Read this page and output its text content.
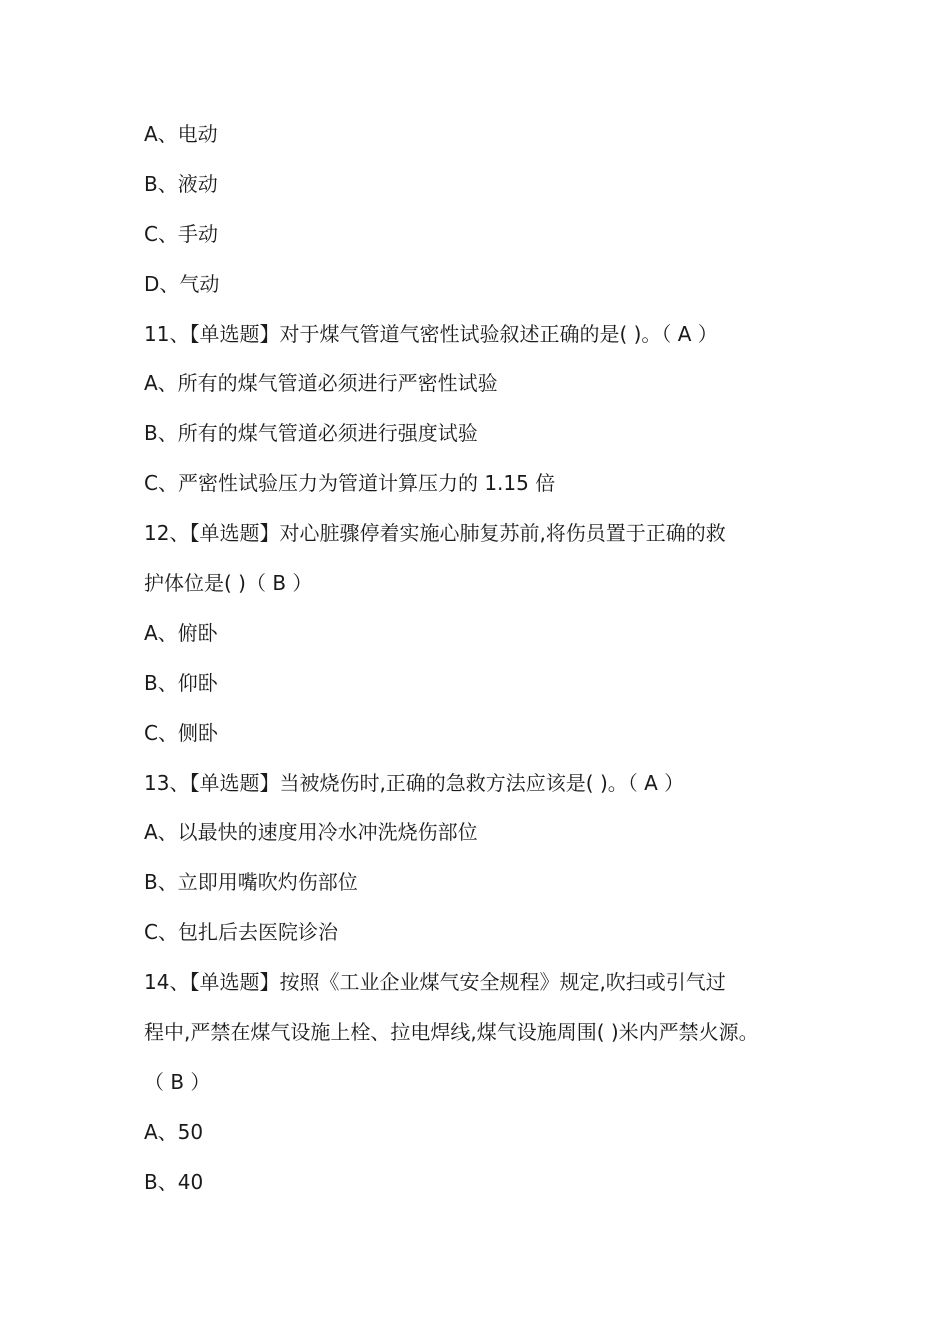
A、电动
B、液动
C、手动
D、气动
11、【单选题】对于煤气管道气密性试验叙述正确的是( )。（ A ）
A、所有的煤气管道必须进行严密性试验
B、所有的煤气管道必须进行强度试验
C、严密性试验压力为管道计算压力的 1.15 倍
12、【单选题】对心脏骤停着实施心肺复苏前,将伤员置于正确的救
护体位是( )（ B ）
A、俯卧
B、仰卧
C、侧卧
13、【单选题】当被烧伤时,正确的急救方法应该是( )。（ A ）
A、以最快的速度用冷水冲洗烧伤部位
B、立即用嘴吹灼伤部位
C、包扎后去医院诊治
14、【单选题】按照《工业企业煤气安全规程》规定,吹扫或引气过
程中,严禁在煤气设施上栓、拉电焊线,煤气设施周围( )米内严禁火源。
（ B ）
A、50
B、40
